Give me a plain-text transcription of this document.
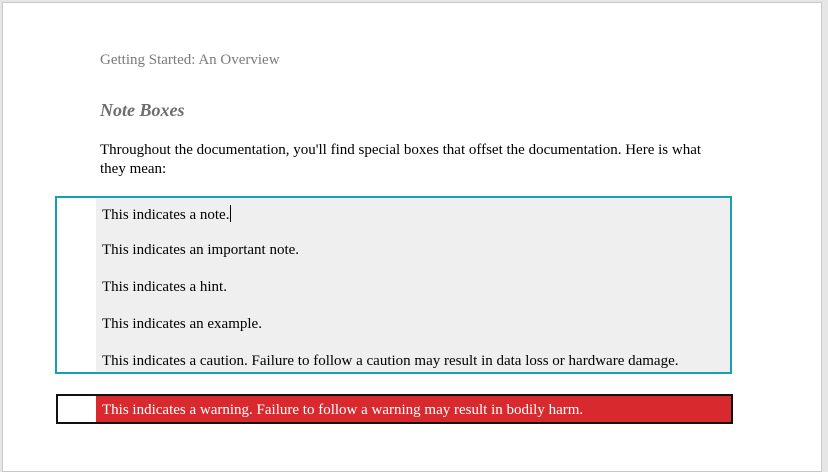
Getting Started: An Overview
Note Boxes
Throughout the documentation, you'll find special boxes that offset the documentation. Here is what they mean:
This indicates a note.
This indicates an important note.
This indicates a hint.
This indicates an example.
This indicates a caution. Failure to follow a caution may result in data loss or hardware damage.
This indicates a warning. Failure to follow a warning may result in bodily harm.
